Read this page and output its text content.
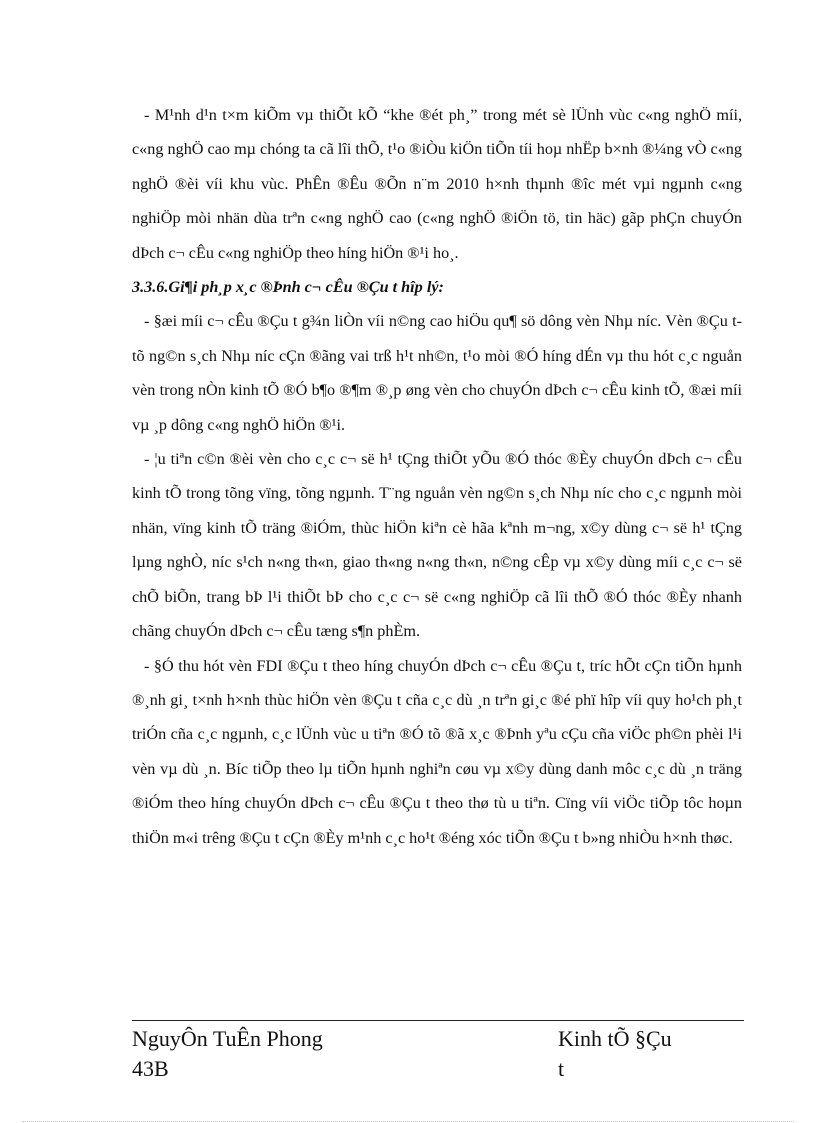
- M¹nh d¹n t×m kiÕm vµ thiÕt kÕ “khe ®ét ph¸” trong mét sè lÜnh vùc c«ng nghÖ míi, c«ng nghÖ cao mµ chóng ta cã lîi thÕ, t¹o ®iÒu kiÖn tiÕn tíi hoµ nhËp b×nh ®¼ng vÒ c«ng nghÖ ®èi víi khu vùc. PhÊn ®Êu ®Õn n¨m 2010 h×nh thµnh ®îc mét vµi ngµnh c«ng nghiÖp mòi nhän dùa trªn c«ng nghÖ cao (c«ng nghÖ ®iÖn tö, tin häc) gãp phÇn chuyÓn dÞch c¬ cÊu c«ng nghiÖp theo híng hiÖn ®¹i ho¸.

3.3.6.Gi¶i ph¸p x¸c ®Þnh c¬ cÊu ®Çu t hîp lý:

- §æi míi c¬ cÊu ®Çu t g¾n liÒn víi n©ng cao hiÖu qu¶ sö dông vèn Nhµ níc. Vèn ®Çu t tõ ng©n s¸ch Nhµ níc cÇn ®ãng vai trß h¹t nh©n, t¹o mòi ®Ó híng dÉn vµ thu hót c¸c nguån vèn trong nÒn kinh tÕ ®Ó b¶o ®¶m ®¸p øng vèn cho chuyÓn dÞch c¬ cÊu kinh tÕ, ®æi míi vµ ¸p dông c«ng nghÖ hiÖn ®¹i.

- ¦u tiªn c©n ®èi vèn cho c¸c c¬ së h¹ tÇng thiÕt yÕu ®Ó thóc ®Èy chuyÓn dÞch c¬ cÊu kinh tÕ trong tõng vïng, tõng ngµnh. T¨ng nguån vèn ng©n s¸ch Nhµ níc cho c¸c ngµnh mòi nhän, vïng kinh tÕ träng ®iÓm, thùc hiÖn kiªn cè hãa kªnh m¬ng, x©y dùng c¬ së h¹ tÇng lµng nghÒ, níc s¹ch n«ng th«n, giao th«ng n«ng th«n, n©ng cÊp vµ x©y dùng míi c¸c c¬ së chÕ biÕn, trang bÞ l¹i thiÕt bÞ cho c¸c c¬ së c«ng nghiÖp cã lîi thÕ ®Ó thóc ®Èy nhanh chãng chuyÓn dÞch c¬ cÊu tæng s¶n phÈm.

- §Ó thu hót vèn FDI ®Çu t theo híng chuyÓn dÞch c¬ cÊu ®Çu t, tríc hÕt cÇn tiÕn hµnh ®¸nh gi¸ t×nh h×nh thùc hiÖn vèn ®Çu t cña c¸c dù ¸n trªn gi¸c ®é phï hîp víi quy ho¹ch ph¸t triÓn cña c¸c ngµnh, c¸c lÜnh vùc u tiªn ®Ó tõ ®ã x¸c ®Þnh yªu cÇu cña viÖc ph©n phèi l¹i vèn vµ dù ¸n. Bíc tiÕp theo lµ tiÕn hµnh nghiªn cøu vµ x©y dùng danh môc c¸c dù ¸n träng ®iÓm theo híng chuyÓn dÞch c¬ cÊu ®Çu t theo thø tù u tiªn. Cïng víi viÖc tiÕp tôc hoµn thiÖn m«i trêng ®Çu t cÇn ®Èy m¹nh c¸c ho¹t ®éng xóc tiÕn ®Çu t b»ng nhiÒu h×nh thøc.

NguyÔn TuÊn Phong
43B
Kinh tÕ §Çu t
